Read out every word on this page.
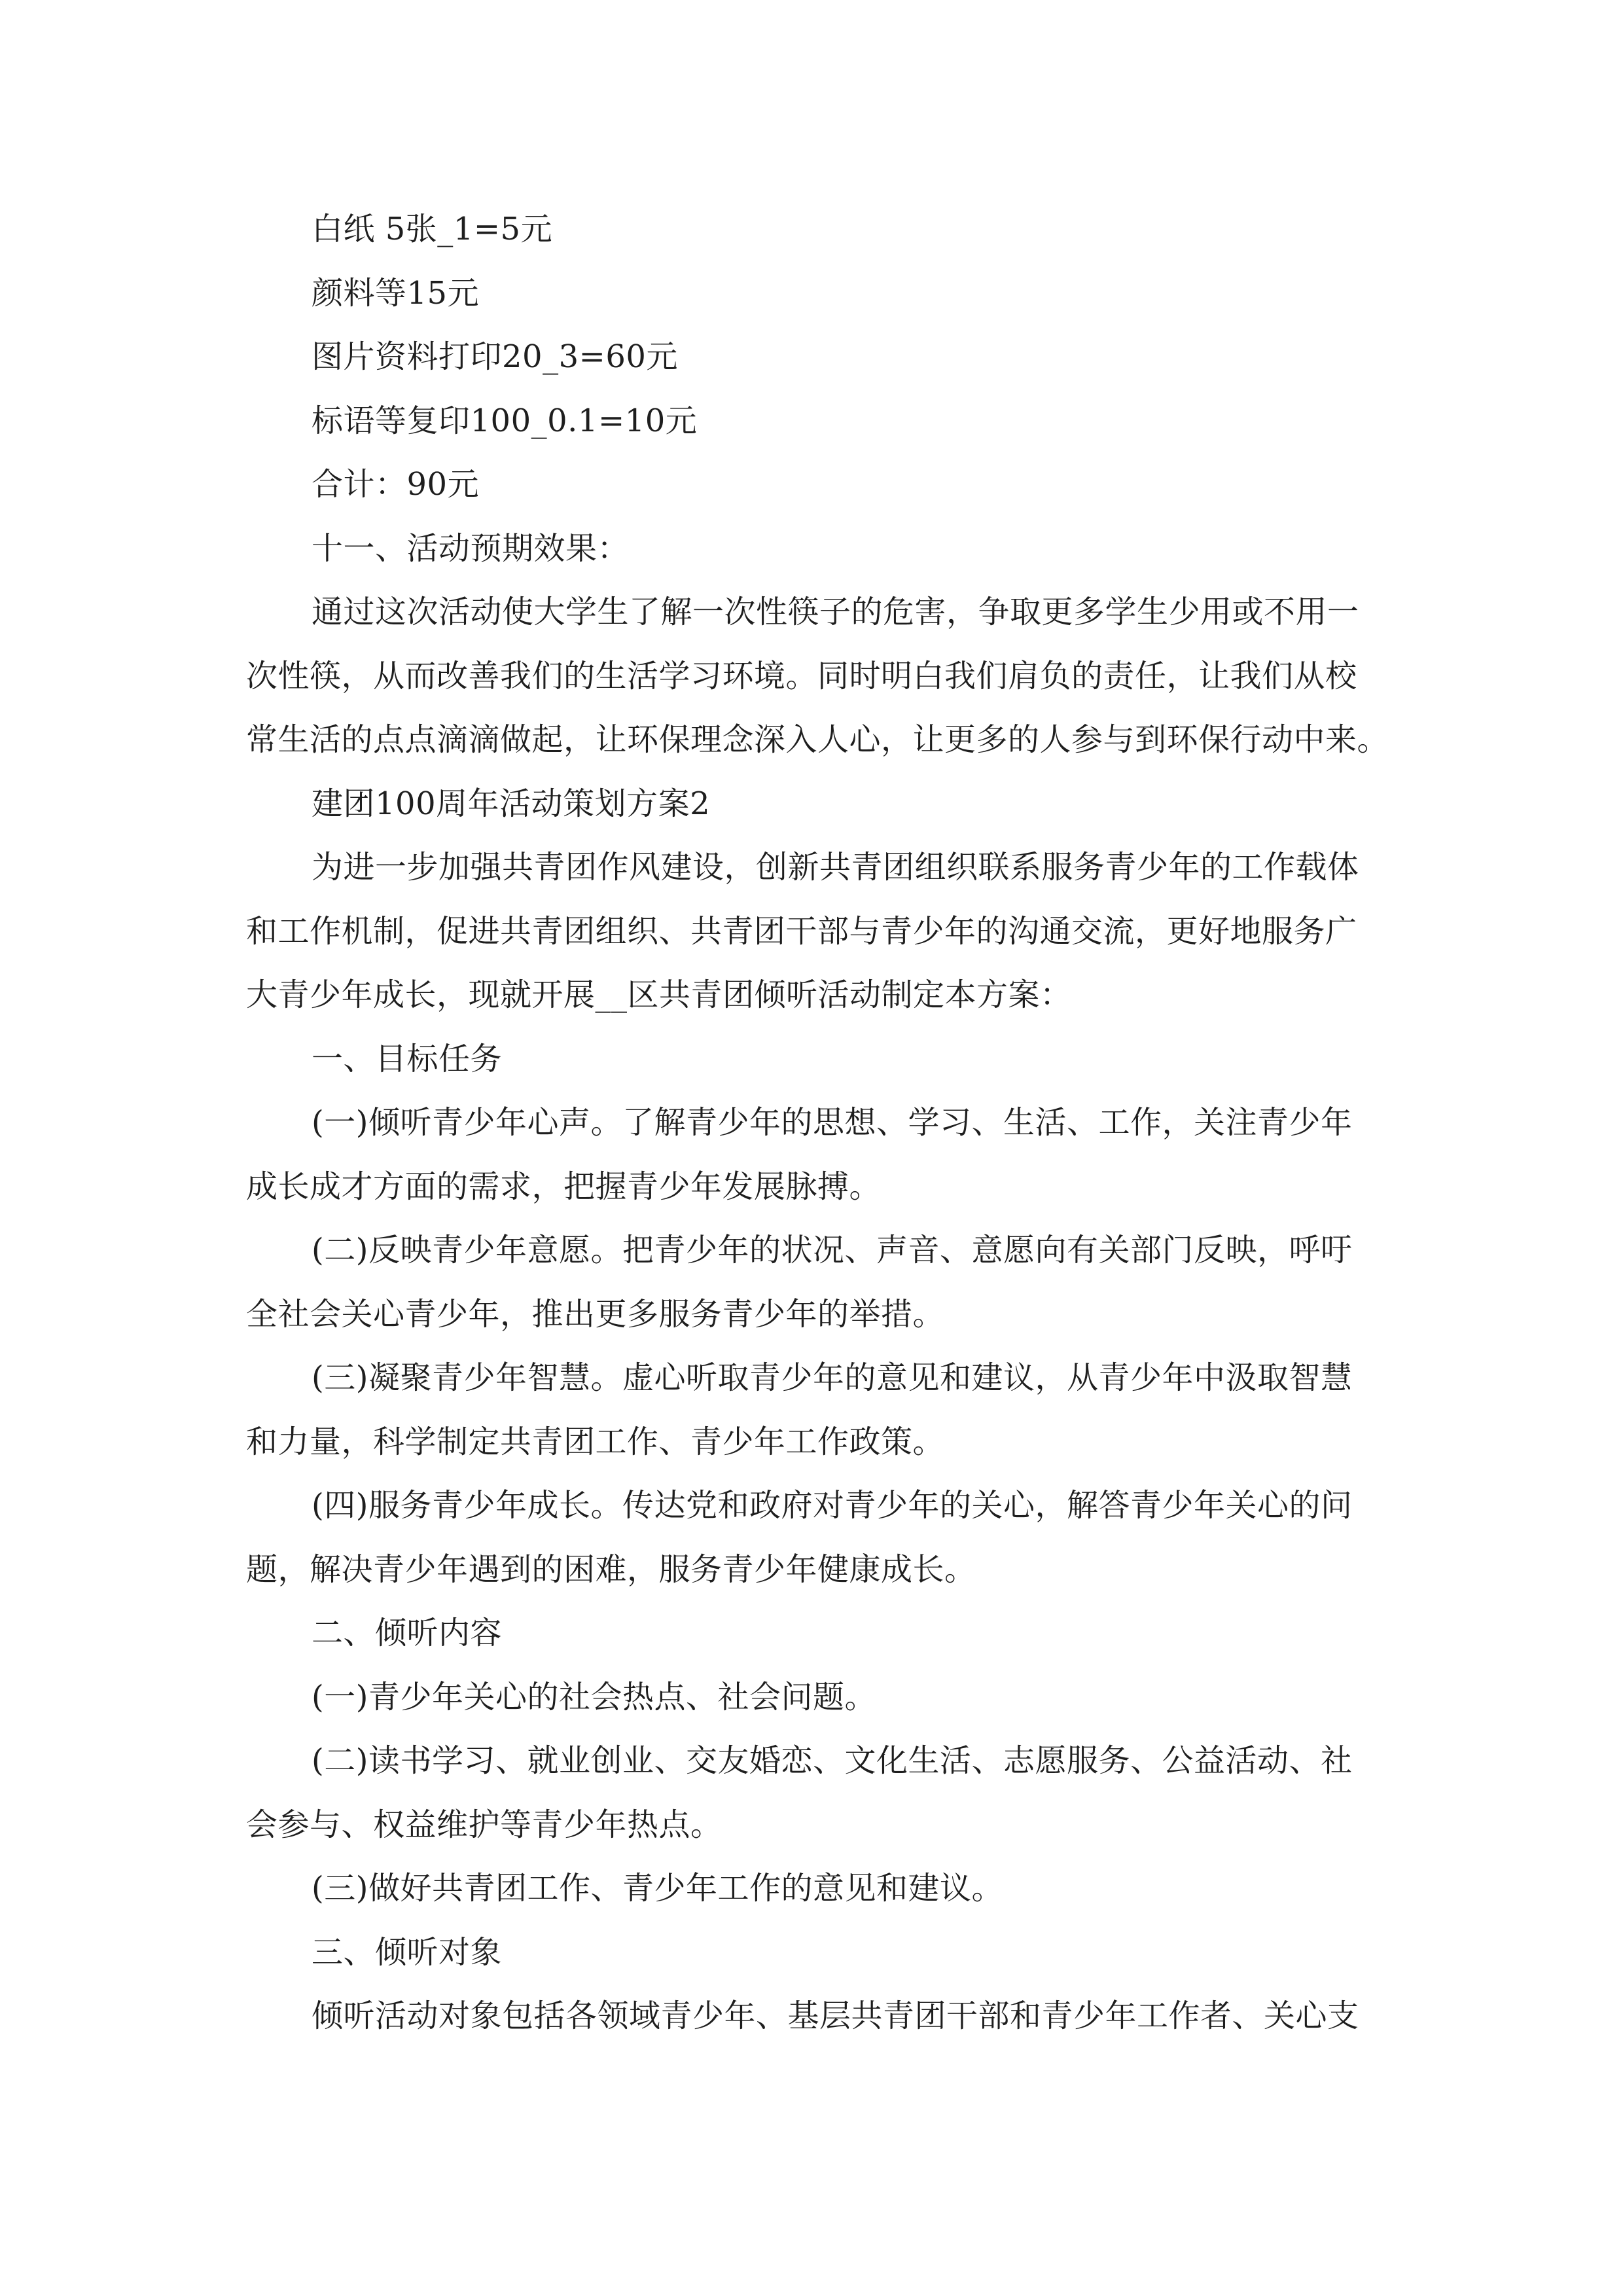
白纸 5张_1=5元
颜料等15元
图片资料打印20_3=60元
标语等复印100_0.1=10元
合计：90元
十一、活动预期效果：
通过这次活动使大学生了解一次性筷子的危害，争取更多学生少用或不用一
次性筷，从而改善我们的生活学习环境。同时明白我们肩负的责任，让我们从校
常生活的点点滴滴做起，让环保理念深入人心，让更多的人参与到环保行动中来。
建团100周年活动策划方案2
为进一步加强共青团作风建设，创新共青团组织联系服务青少年的工作载体
和工作机制，促进共青团组织、共青团干部与青少年的沟通交流，更好地服务广
大青少年成长，现就开展__区共青团倾听活动制定本方案：
一、目标任务
(一)倾听青少年心声。了解青少年的思想、学习、生活、工作，关注青少年
成长成才方面的需求，把握青少年发展脉搏。
(二)反映青少年意愿。把青少年的状况、声音、意愿向有关部门反映，呼吁
全社会关心青少年，推出更多服务青少年的举措。
(三)凝聚青少年智慧。虚心听取青少年的意见和建议，从青少年中汲取智慧
和力量，科学制定共青团工作、青少年工作政策。
(四)服务青少年成长。传达党和政府对青少年的关心，解答青少年关心的问
题，解决青少年遇到的困难，服务青少年健康成长。
二、倾听内容
(一)青少年关心的社会热点、社会问题。
(二)读书学习、就业创业、交友婚恋、文化生活、志愿服务、公益活动、社
会参与、权益维护等青少年热点。
(三)做好共青团工作、青少年工作的意见和建议。
三、倾听对象
倾听活动对象包括各领域青少年、基层共青团干部和青少年工作者、关心支
